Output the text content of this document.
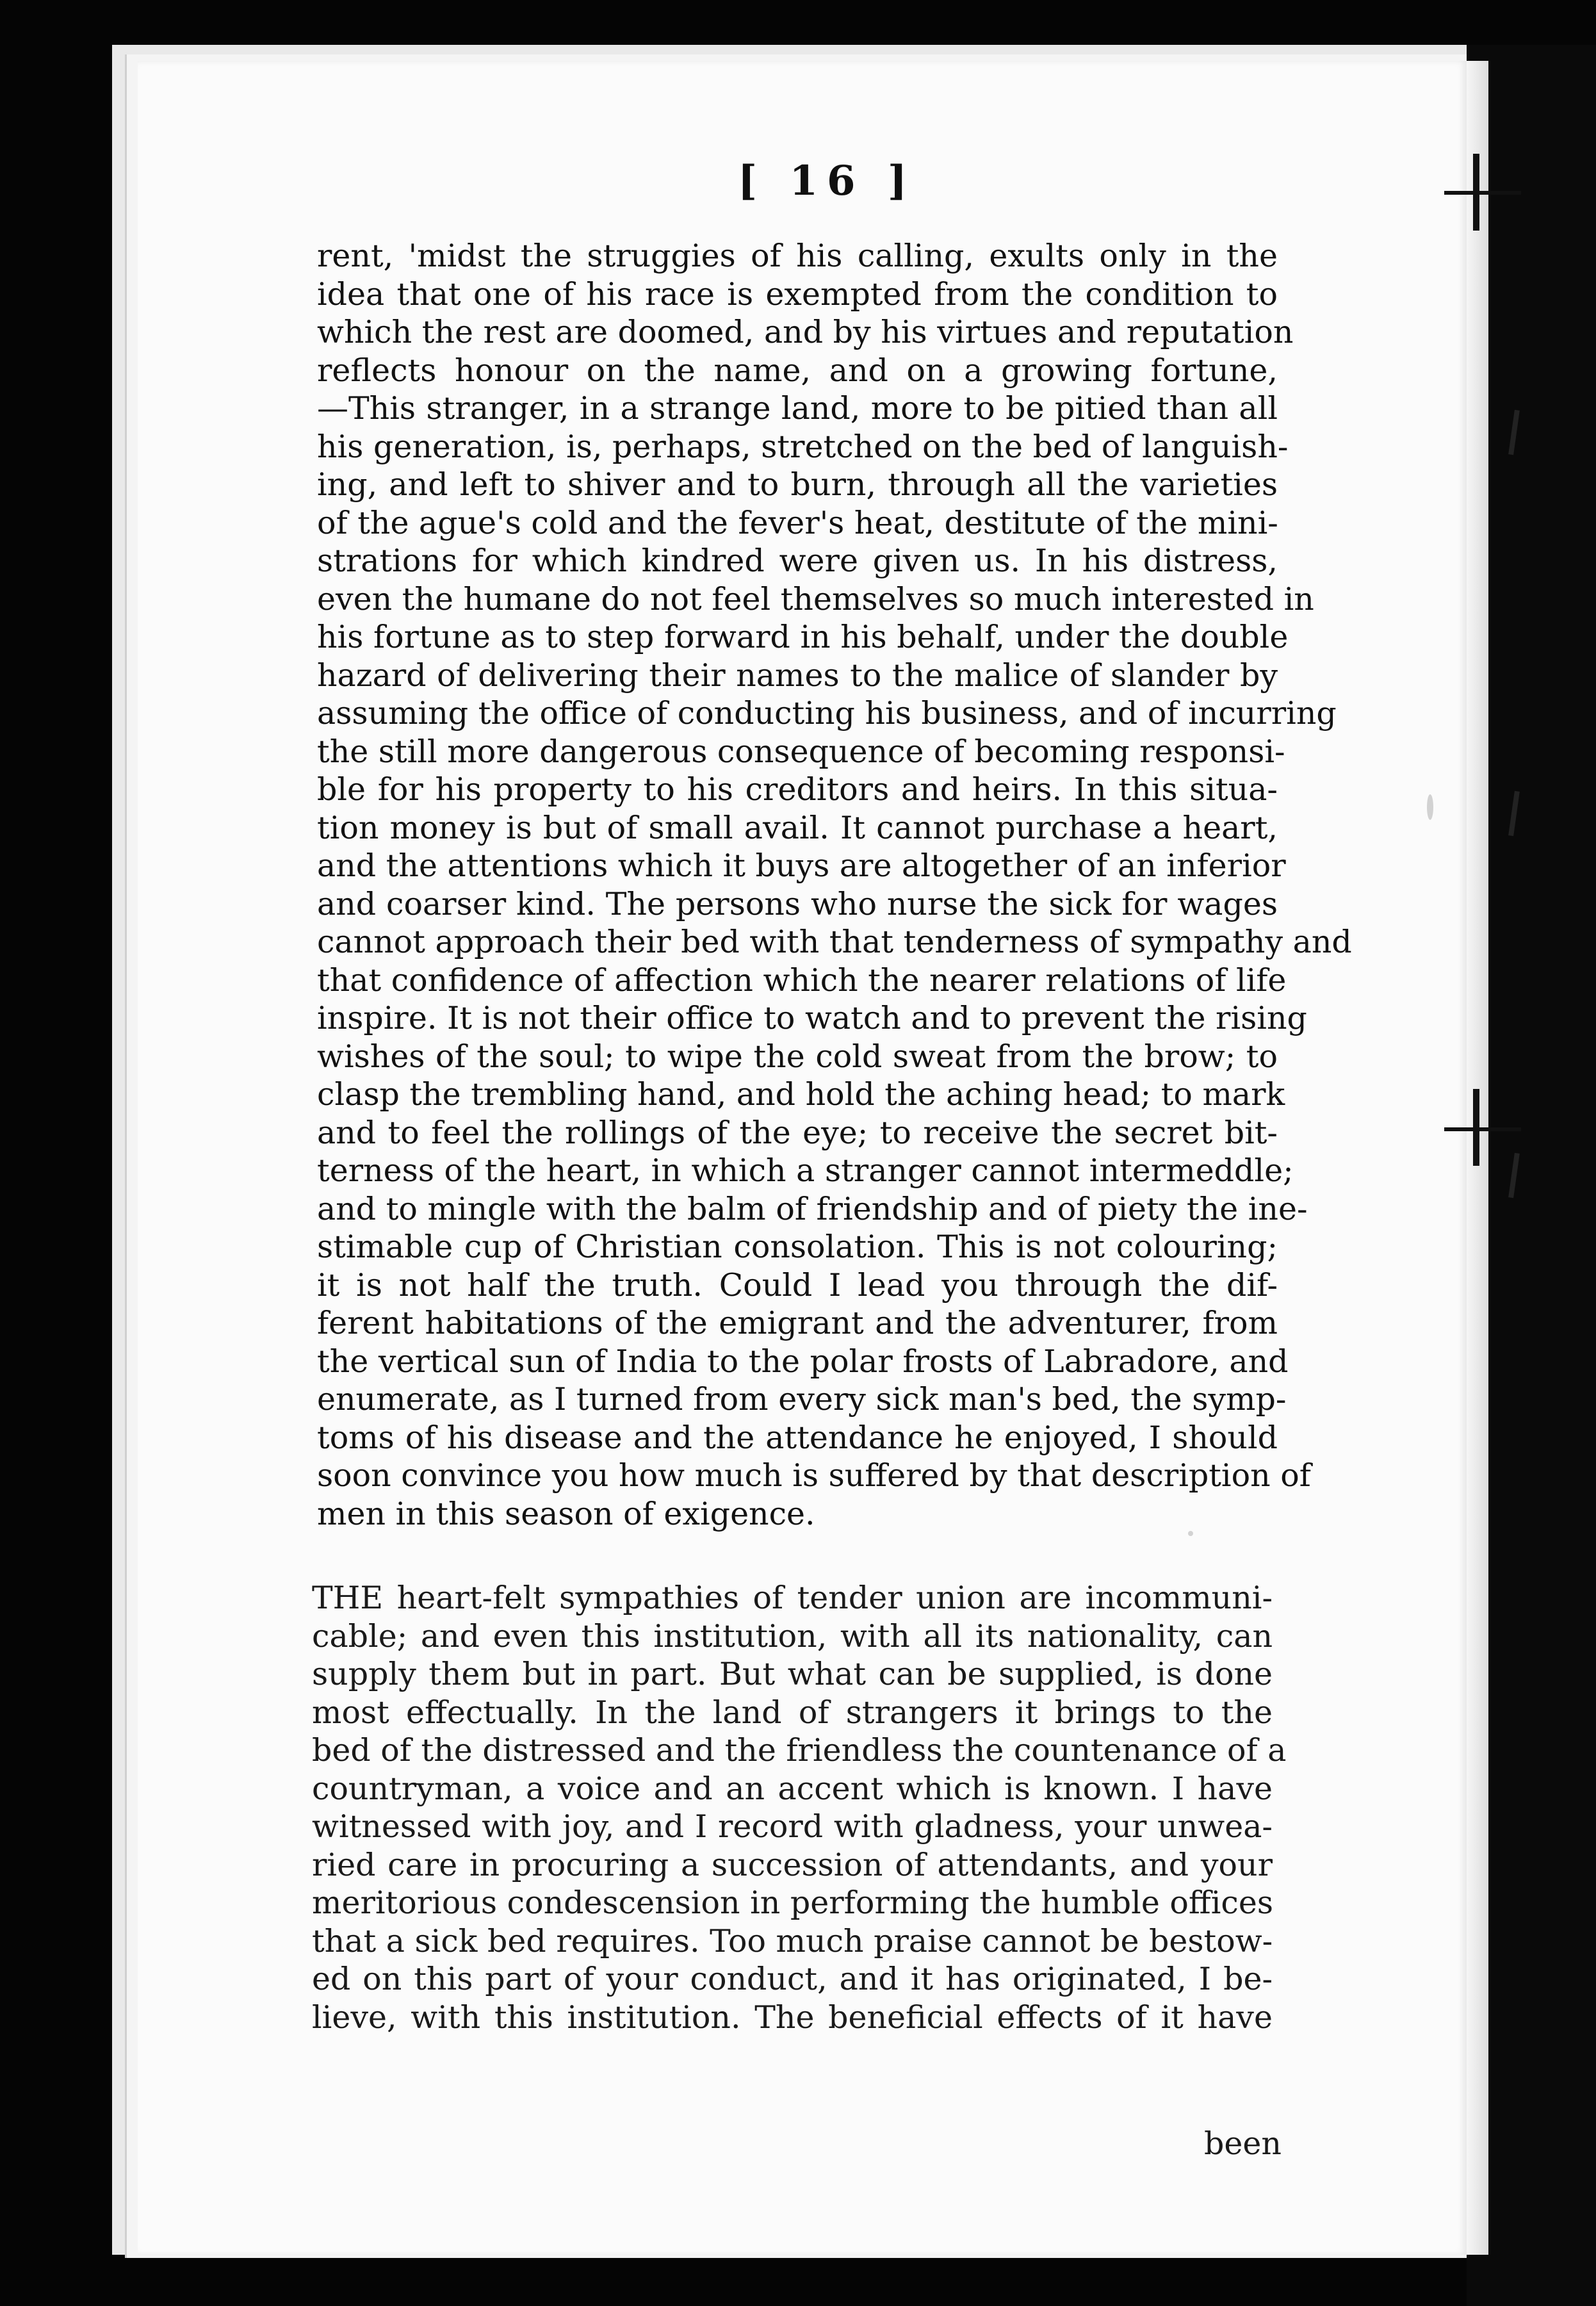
[ 16 ]
rent, 'midst the struggies of his calling, exults only in the
idea that one of his race is exempted from the condition to
which the rest are doomed, and by his virtues and reputation
reflects honour on the name, and on a growing fortune,
—This stranger, in a strange land, more to be pitied than all
his generation, is, perhaps, stretched on the bed of languish-
ing, and left to shiver and to burn, through all the varieties
of the ague's cold and the fever's heat, destitute of the mini-
strations for which kindred were given us. In his distress,
even the humane do not feel themselves so much interested in
his fortune as to step forward in his behalf, under the double
hazard of delivering their names to the malice of slander by
assuming the office of conducting his business, and of incurring
the still more dangerous consequence of becoming responsi-
ble for his property to his creditors and heirs. In this situa-
tion money is but of small avail. It cannot purchase a heart,
and the attentions which it buys are altogether of an inferior
and coarser kind. The persons who nurse the sick for wages
cannot approach their bed with that tenderness of sympathy and
that confidence of affection which the nearer relations of life
inspire. It is not their office to watch and to prevent the rising
wishes of the soul; to wipe the cold sweat from the brow; to
clasp the trembling hand, and hold the aching head; to mark
and to feel the rollings of the eye; to receive the secret bit-
terness of the heart, in which a stranger cannot intermeddle;
and to mingle with the balm of friendship and of piety the ine-
stimable cup of Christian consolation. This is not colouring;
it is not half the truth. Could I lead you through the dif-
ferent habitations of the emigrant and the adventurer, from
the vertical sun of India to the polar frosts of Labradore, and
enumerate, as I turned from every sick man's bed, the symp-
toms of his disease and the attendance he enjoyed, I should
soon convince you how much is suffered by that description of
men in this season of exigence.
THE heart-felt sympathies of tender union are incommuni-
cable; and even this institution, with all its nationality, can
supply them but in part. But what can be supplied, is done
most effectually. In the land of strangers it brings to the
bed of the distressed and the friendless the countenance of a
countryman, a voice and an accent which is known. I have
witnessed with joy, and I record with gladness, your unwea-
ried care in procuring a succession of attendants, and your
meritorious condescension in performing the humble offices
that a sick bed requires. Too much praise cannot be bestow-
ed on this part of your conduct, and it has originated, I be-
lieve, with this institution. The beneficial effects of it have
been
